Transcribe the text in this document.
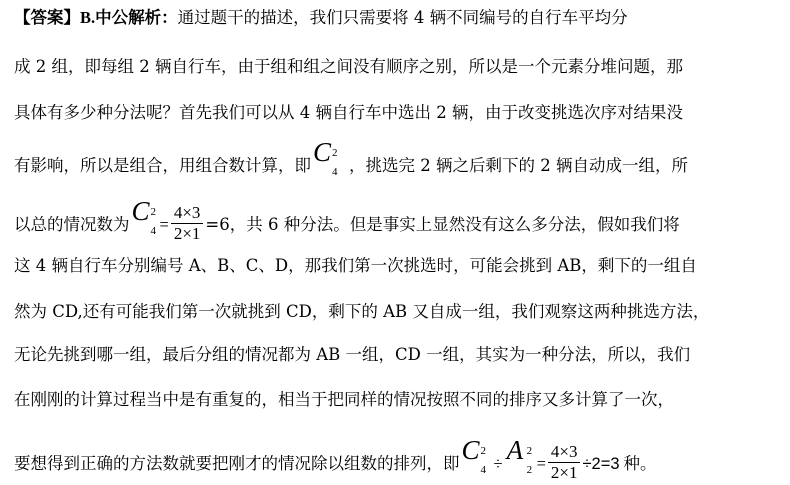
【答案】B.中公解析：通过题干的描述，我们只需要将 4 辆不同编号的自行车平均分
成 2 组，即每组 2 辆自行车，由于组和组之间没有顺序之别，所以是一个元素分堆问题，那
具体有多少种分法呢？首先我们可以从 4 辆自行车中选出 2 辆，由于改变挑选次序对结果没
有影响，所以是组合，用组合数计算，即 C 2
4 ，挑选完 2 辆之后剩下的 2 辆自动成一组，所
以总的情况数为 C 2
$4 = \frac{4\times 3}{2\times 1} =6$，共 6 种分法。但是事实上显然没有这么多分法，假如我们将
这 4 辆自行车分别编号 A、B、C、D，那我们第一次挑选时，可能会挑到 AB，剩下的一组自
然为 CD,还有可能我们第一次就挑到 CD，剩下的 AB 又自成一组，我们观察这两种挑选方法，
无论先挑到哪一组，最后分组的情况都为 AB 一组，CD 一组，其实为一种分法，所以，我们
在刚刚的计算过程当中是有重复的，相当于把同样的情况按照不同的排序又多计算了一次，
要想得到正确的方法数就要把刚才的情况除以组数的排列，即 C 2
4 ÷ A 2
$2 = \frac{4\times 3}{2\times 1} \div 2=3$ 种。
